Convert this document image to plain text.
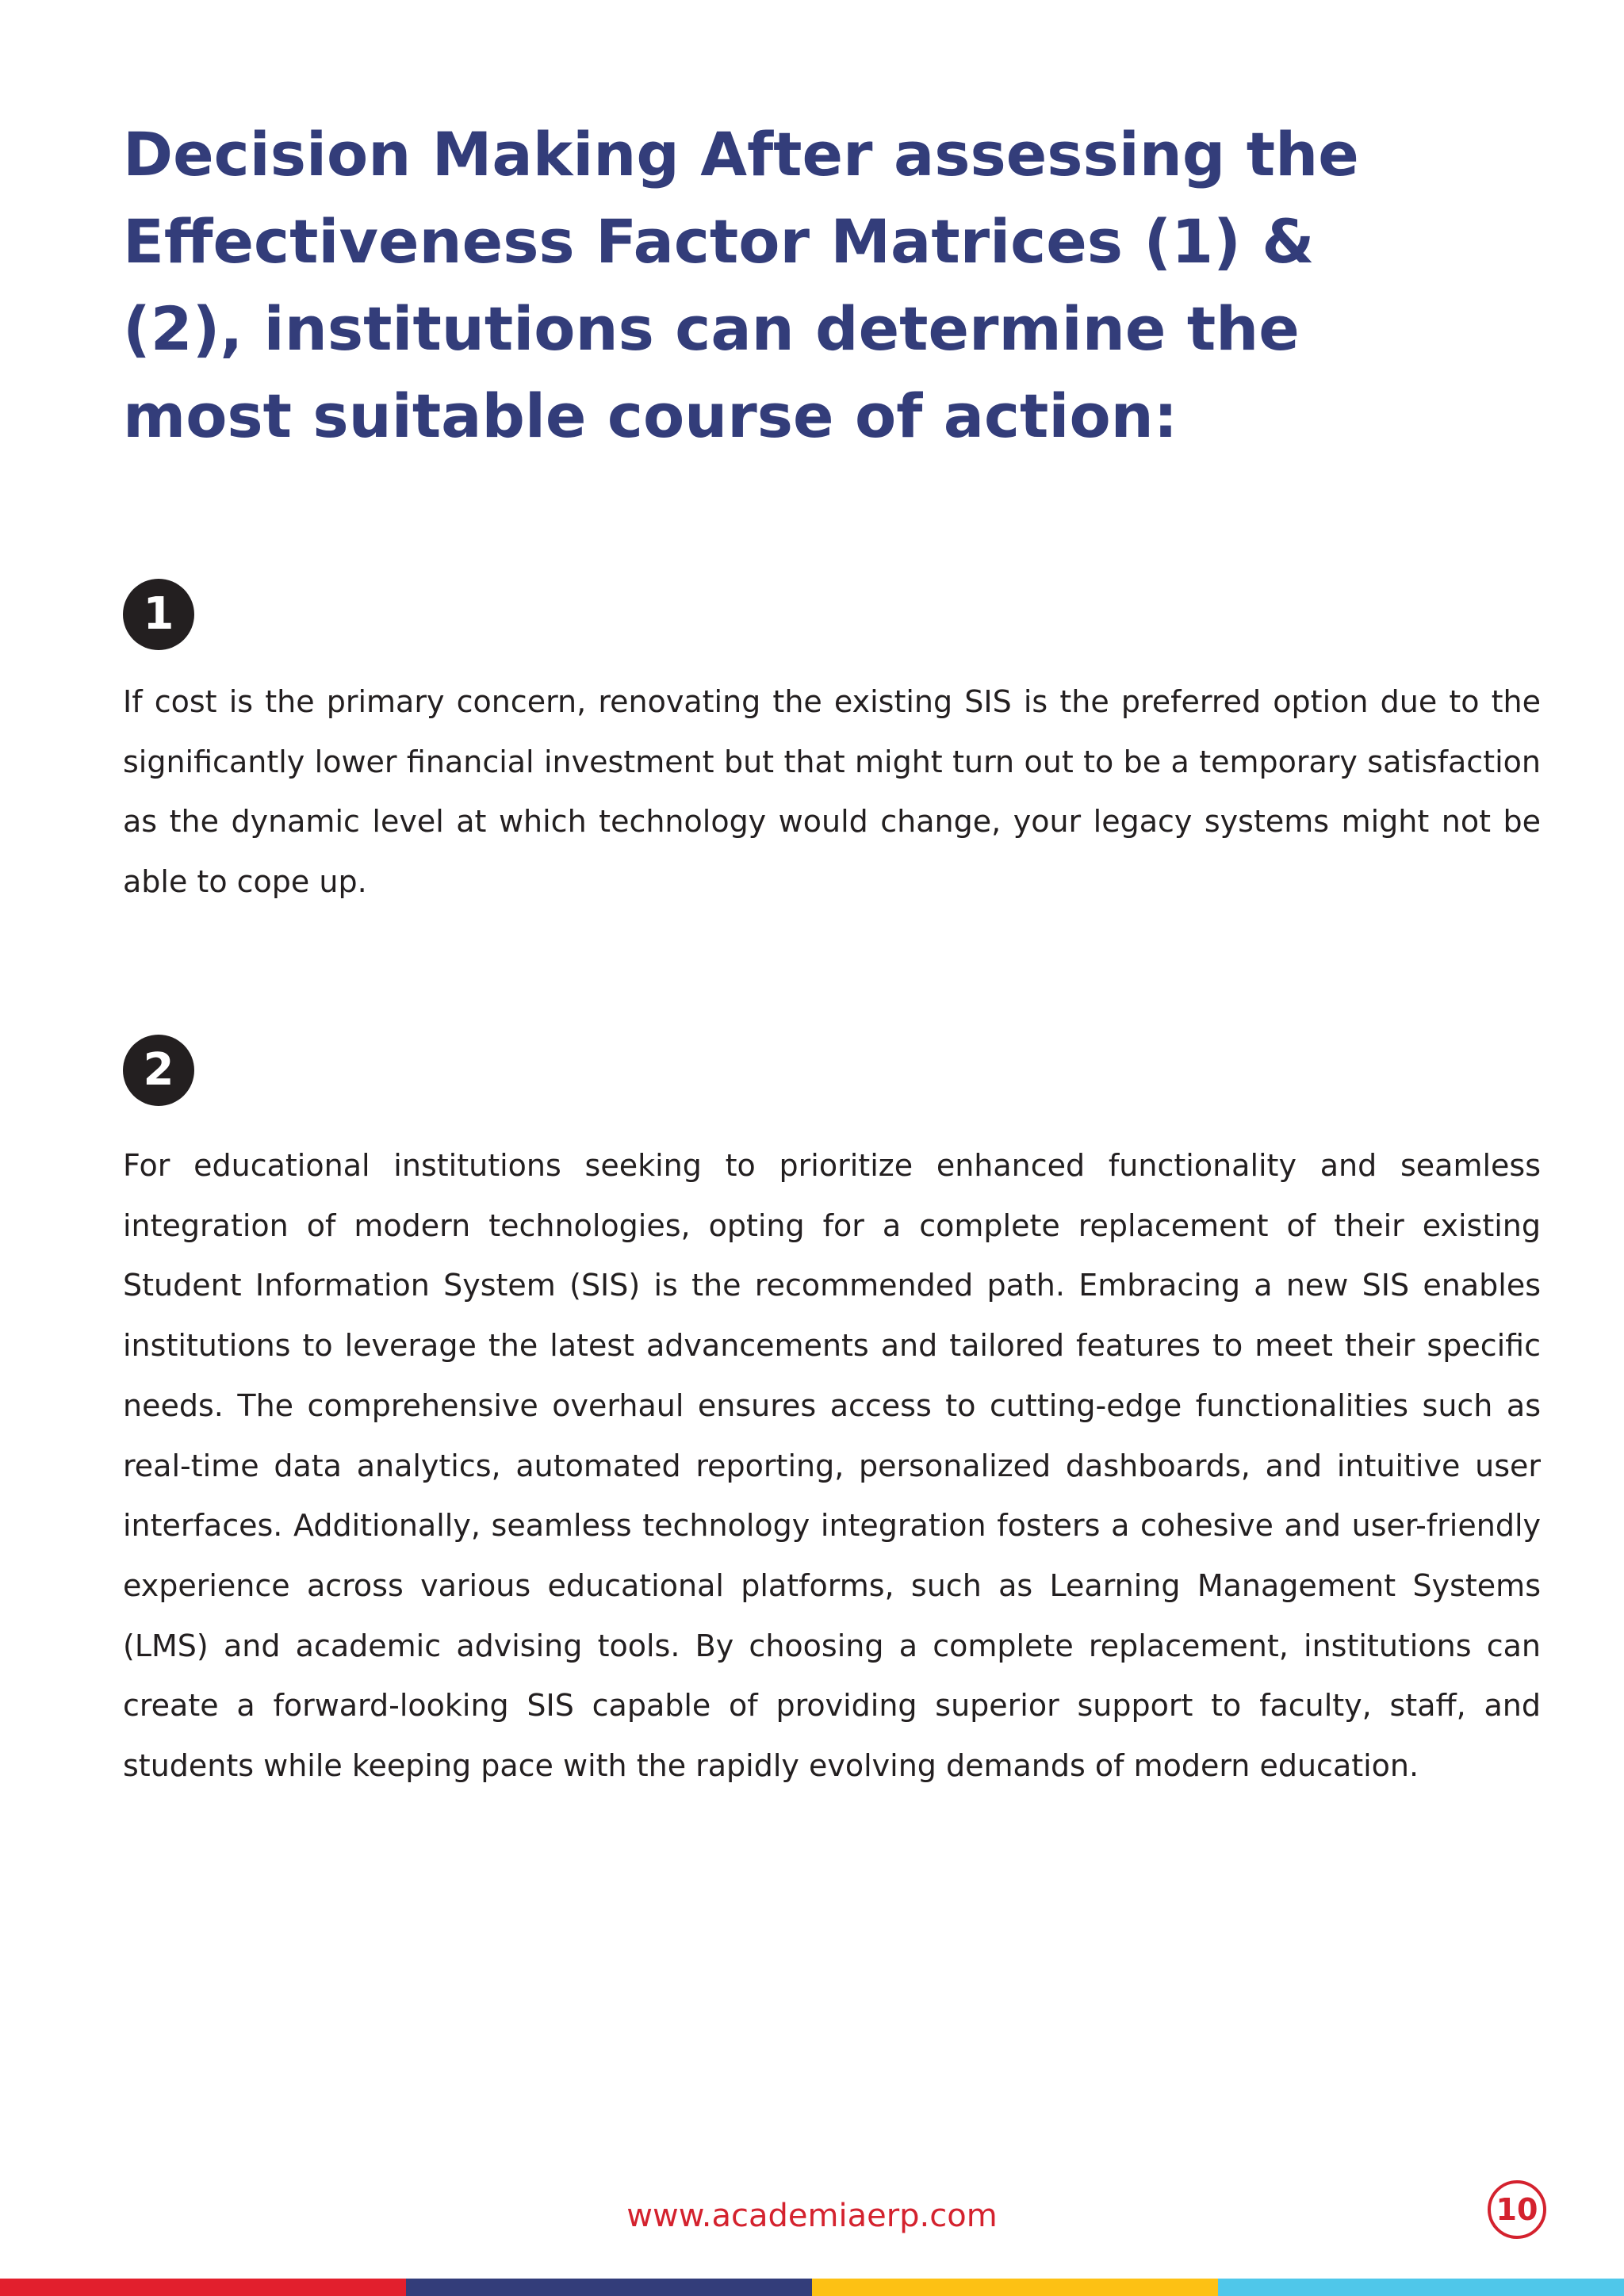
Decision Making After assessing the Effectiveness Factor Matrices (1) & (2), institutions can determine the most suitable course of action:
1

If cost is the primary concern, renovating the existing SIS is the preferred option due to the significantly lower financial investment but that might turn out to be a temporary satisfaction as the dynamic level at which technology would change, your legacy systems might not be able to cope up.

2

For educational institutions seeking to prioritize enhanced functionality and seamless integration of modern technologies, opting for a complete replacement of their existing Student Information System (SIS) is the recommended path. Embracing a new SIS enables institutions to leverage the latest advancements and tailored features to meet their specific needs. The comprehensive overhaul ensures access to cutting-edge functionalities such as real-time data analytics, automated reporting, personalized dashboards, and intuitive user interfaces. Additionally, seamless technology integration fosters a cohesive and user-friendly experience across various educational platforms, such as Learning Management Systems (LMS) and academic advising tools. By choosing a complete replacement, institutions can create a forward-looking SIS capable of providing superior support to faculty, staff, and students while keeping pace with the rapidly evolving demands of modern education.

www.academiaerp.com	10
